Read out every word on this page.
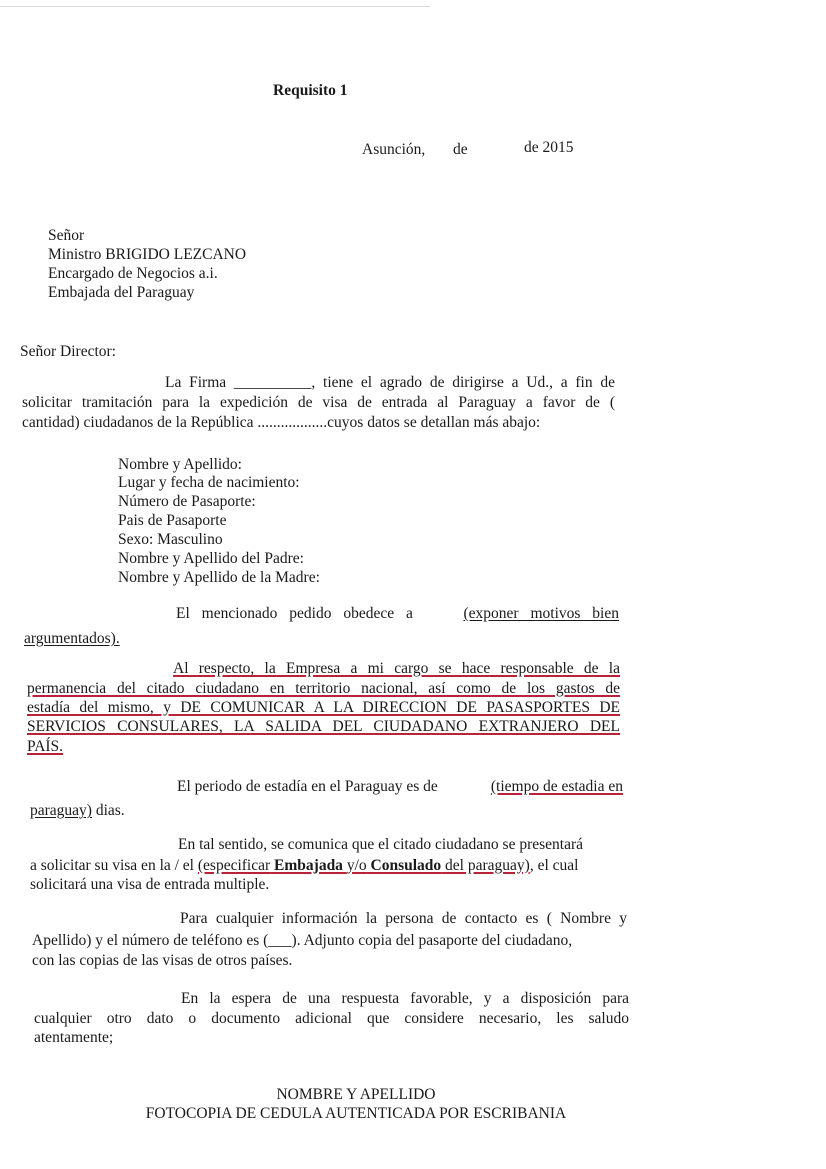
Requisito 1
Asunción, de	de 2015
Señor
Ministro BRIGIDO LEZCANO
Encargado de Negocios a.i.
Embajada del Paraguay
Señor Director:
La Firma __________, tiene el agrado de dirigirse a Ud., a fin de
solicitar tramitación para la expedición de visa de entrada al Paraguay a favor de (
cantidad) ciudadanos de la República ..................cuyos datos se detallan más abajo:
Nombre y Apellido:
Lugar y fecha de nacimiento:
Número de Pasaporte:
Pais de Pasaporte
Sexo: Masculino
Nombre y Apellido del Padre:
Nombre y Apellido de la Madre:
El mencionado pedido obedece a	(exponer motivos bien
argumentados).
Al respecto, la Empresa a mi cargo se hace responsable de la
permanencia del citado ciudadano en territorio nacional, así como de los gastos de
estadía del mismo, y DE COMUNICAR A LA DIRECCION DE PASASPORTES DE
SERVICIOS CONSULARES, LA SALIDA DEL CIUDADANO EXTRANJERO DEL
PAÍS.
El periodo de estadía en el Paraguay es de	(tiempo de estadia en
paraguay) dias.
En tal sentido, se comunica que el citado ciudadano se presentará
a solicitar su visa en la / el (especificar Embajada y/o Consulado del paraguay), el cual
solicitará una visa de entrada multiple.
Para cualquier información la persona de contacto es ( Nombre y
Apellido) y el número de teléfono es (___). Adjunto copia del pasaporte del ciudadano,
con las copias de las visas de otros países.
En la espera de una respuesta favorable, y a disposición para
cualquier otro dato o documento adicional que considere necesario, les saludo
atentamente;
NOMBRE Y APELLIDO
FOTOCOPIA DE CEDULA AUTENTICADA POR ESCRIBANIA
